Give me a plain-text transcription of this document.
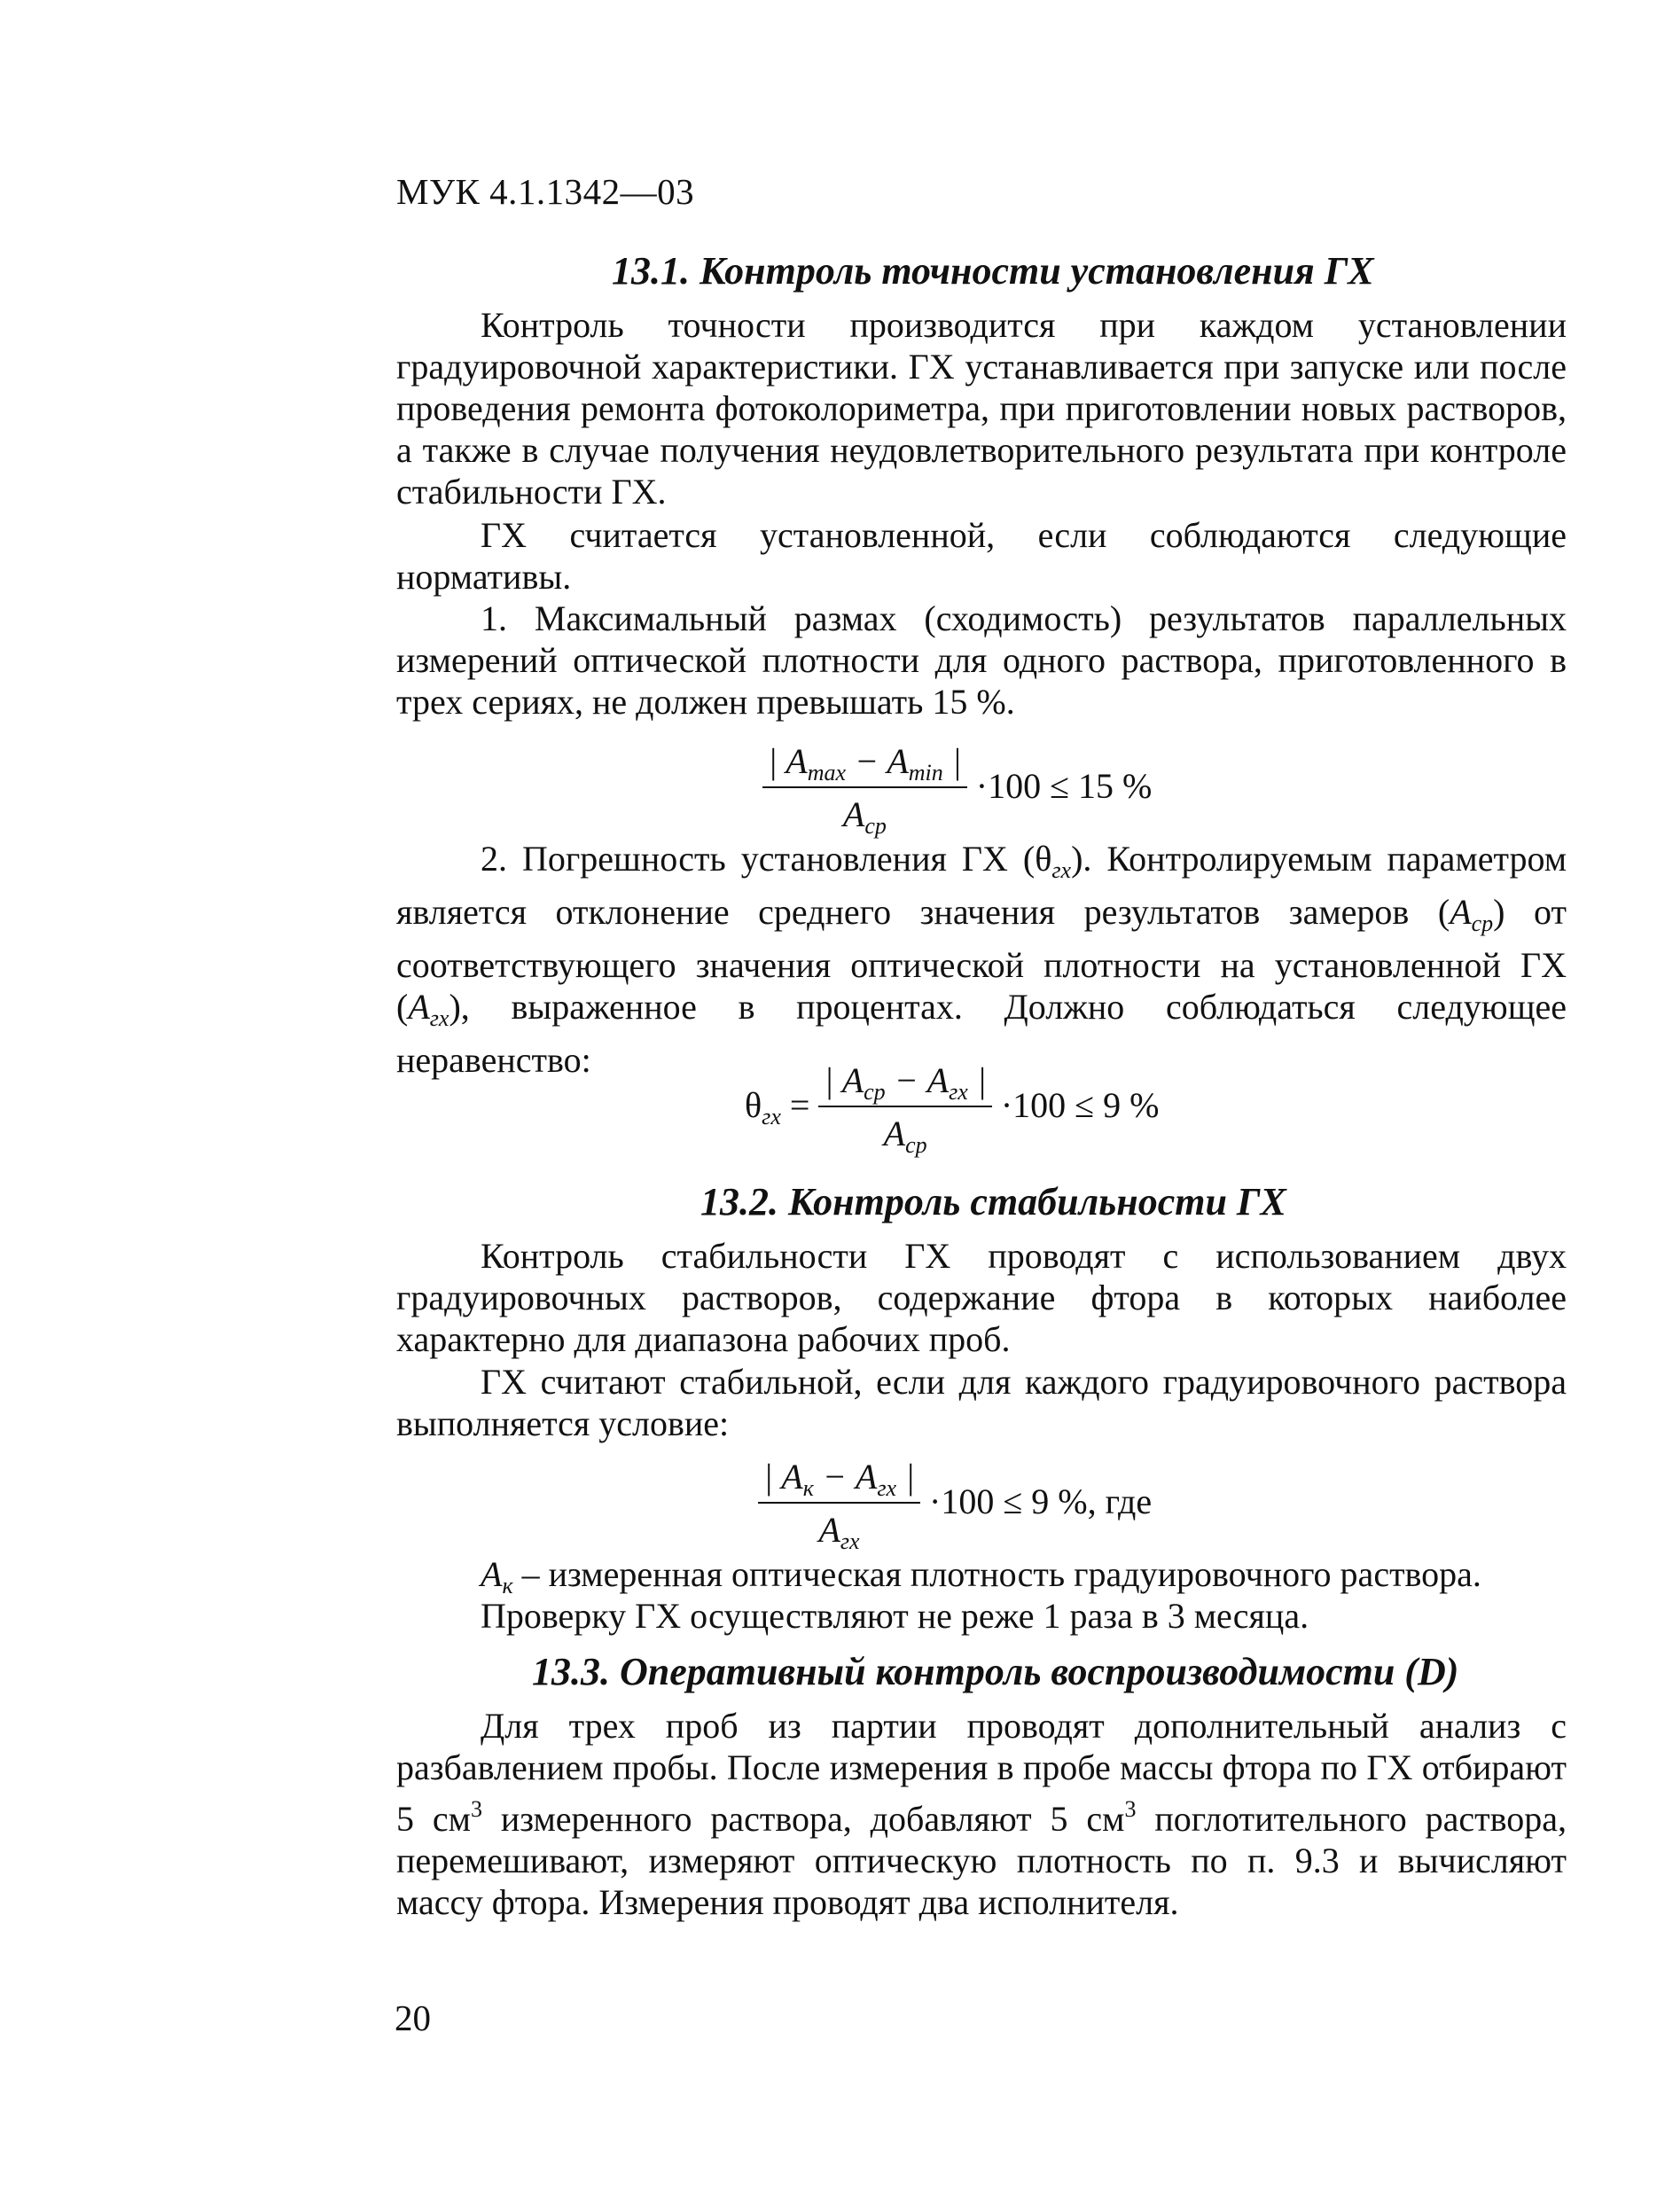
МУК 4.1.1342—03
13.1. Контроль точности установления ГХ
Контроль точности производится при каждом установлении градуировочной характеристики. ГХ устанавливается при запуске или после проведения ремонта фотоколориметра, при приготовлении новых растворов, а также в случае получения неудовлетворительного результата при контроле стабильности ГХ.
ГХ считается установленной, если соблюдаются следующие нормативы.
1. Максимальный размах (сходимость) результатов параллельных измерений оптической плотности для одного раствора, приготовленного в трех сериях, не должен превышать 15 %.
$\frac{| A_{max} - A_{min} |}{A_{ср}} \cdot 100 \le 15$ %
2. Погрешность установления ГХ $(\theta_{гх})$. Контролируемым параметром является отклонение среднего значения результатов замеров $(A_{ср})$ от соответствующего значения оптической плотности на установленной ГХ $(A_{гх})$, выраженное в процентах. Должно соблюдаться следующее неравенство:
$\theta_{гх} = \frac{| A_{ср} - A_{гх} |}{A_{ср}} \cdot 100 \le 9$ %
13.2. Контроль стабильности ГХ
Контроль стабильности ГХ проводят с использованием двух градуировочных растворов, содержание фтора в которых наиболее характерно для диапазона рабочих проб.
ГХ считают стабильной, если для каждого градуировочного раствора выполняется условие:
$\frac{| A_к - A_{гх} |}{A_{гх}} \cdot 100 \le 9$ %, где
$A_к$ – измеренная оптическая плотность градуировочного раствора.
Проверку ГХ осуществляют не реже 1 раза в 3 месяца.
13.3. Оперативный контроль воспроизводимости (D)
Для трех проб из партии проводят дополнительный анализ с разбавлением пробы. После измерения в пробе массы фтора по ГХ отбирают 5 $см^3$ измеренного раствора, добавляют 5 $см^3$ поглотительного раствора, перемешивают, измеряют оптическую плотность по п. 9.3 и вычисляют массу фтора. Измерения проводят два исполнителя.
20
